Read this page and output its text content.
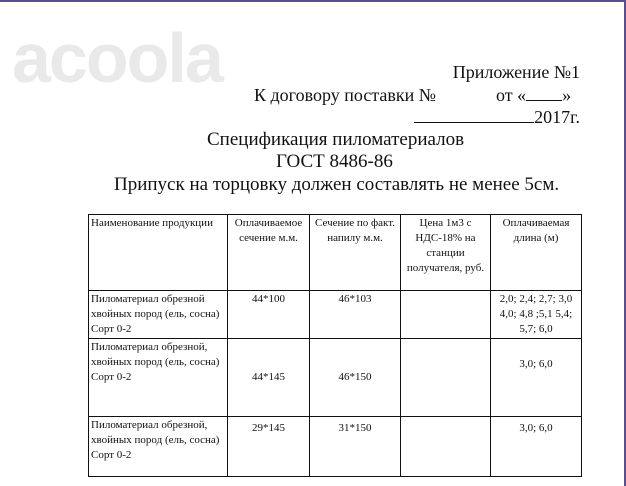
acoola	Приложение №1
К договору поставки №	от « »
2017г.
Спецификация пиломатериалов
ГОСТ 8486-86
Припуск на торцовку должен составлять не менее 5см.
Наименование продукции	Оплачиваемое сечение м.м.	Сечение по факт. напилу м.м.	Цена 1м3 с НДС-18% на станции получателя, руб.	Оплачиваемая длина (м)
Пиломатериал обрезной хвойных пород (ель, сосна) Сорт 0-2	44*100	46*103		2,0; 2,4; 2,7; 3,0 4,0; 4,8 ;5,1 5,4; 5,7; 6,0
Пиломатериал обрезной, хвойных пород (ель, сосна) Сорт 0-2	44*145	46*150		3,0; 6,0
Пиломатериал обрезной, хвойных пород (ель, сосна) Сорт 0-2	29*145	31*150		3,0; 6,0
